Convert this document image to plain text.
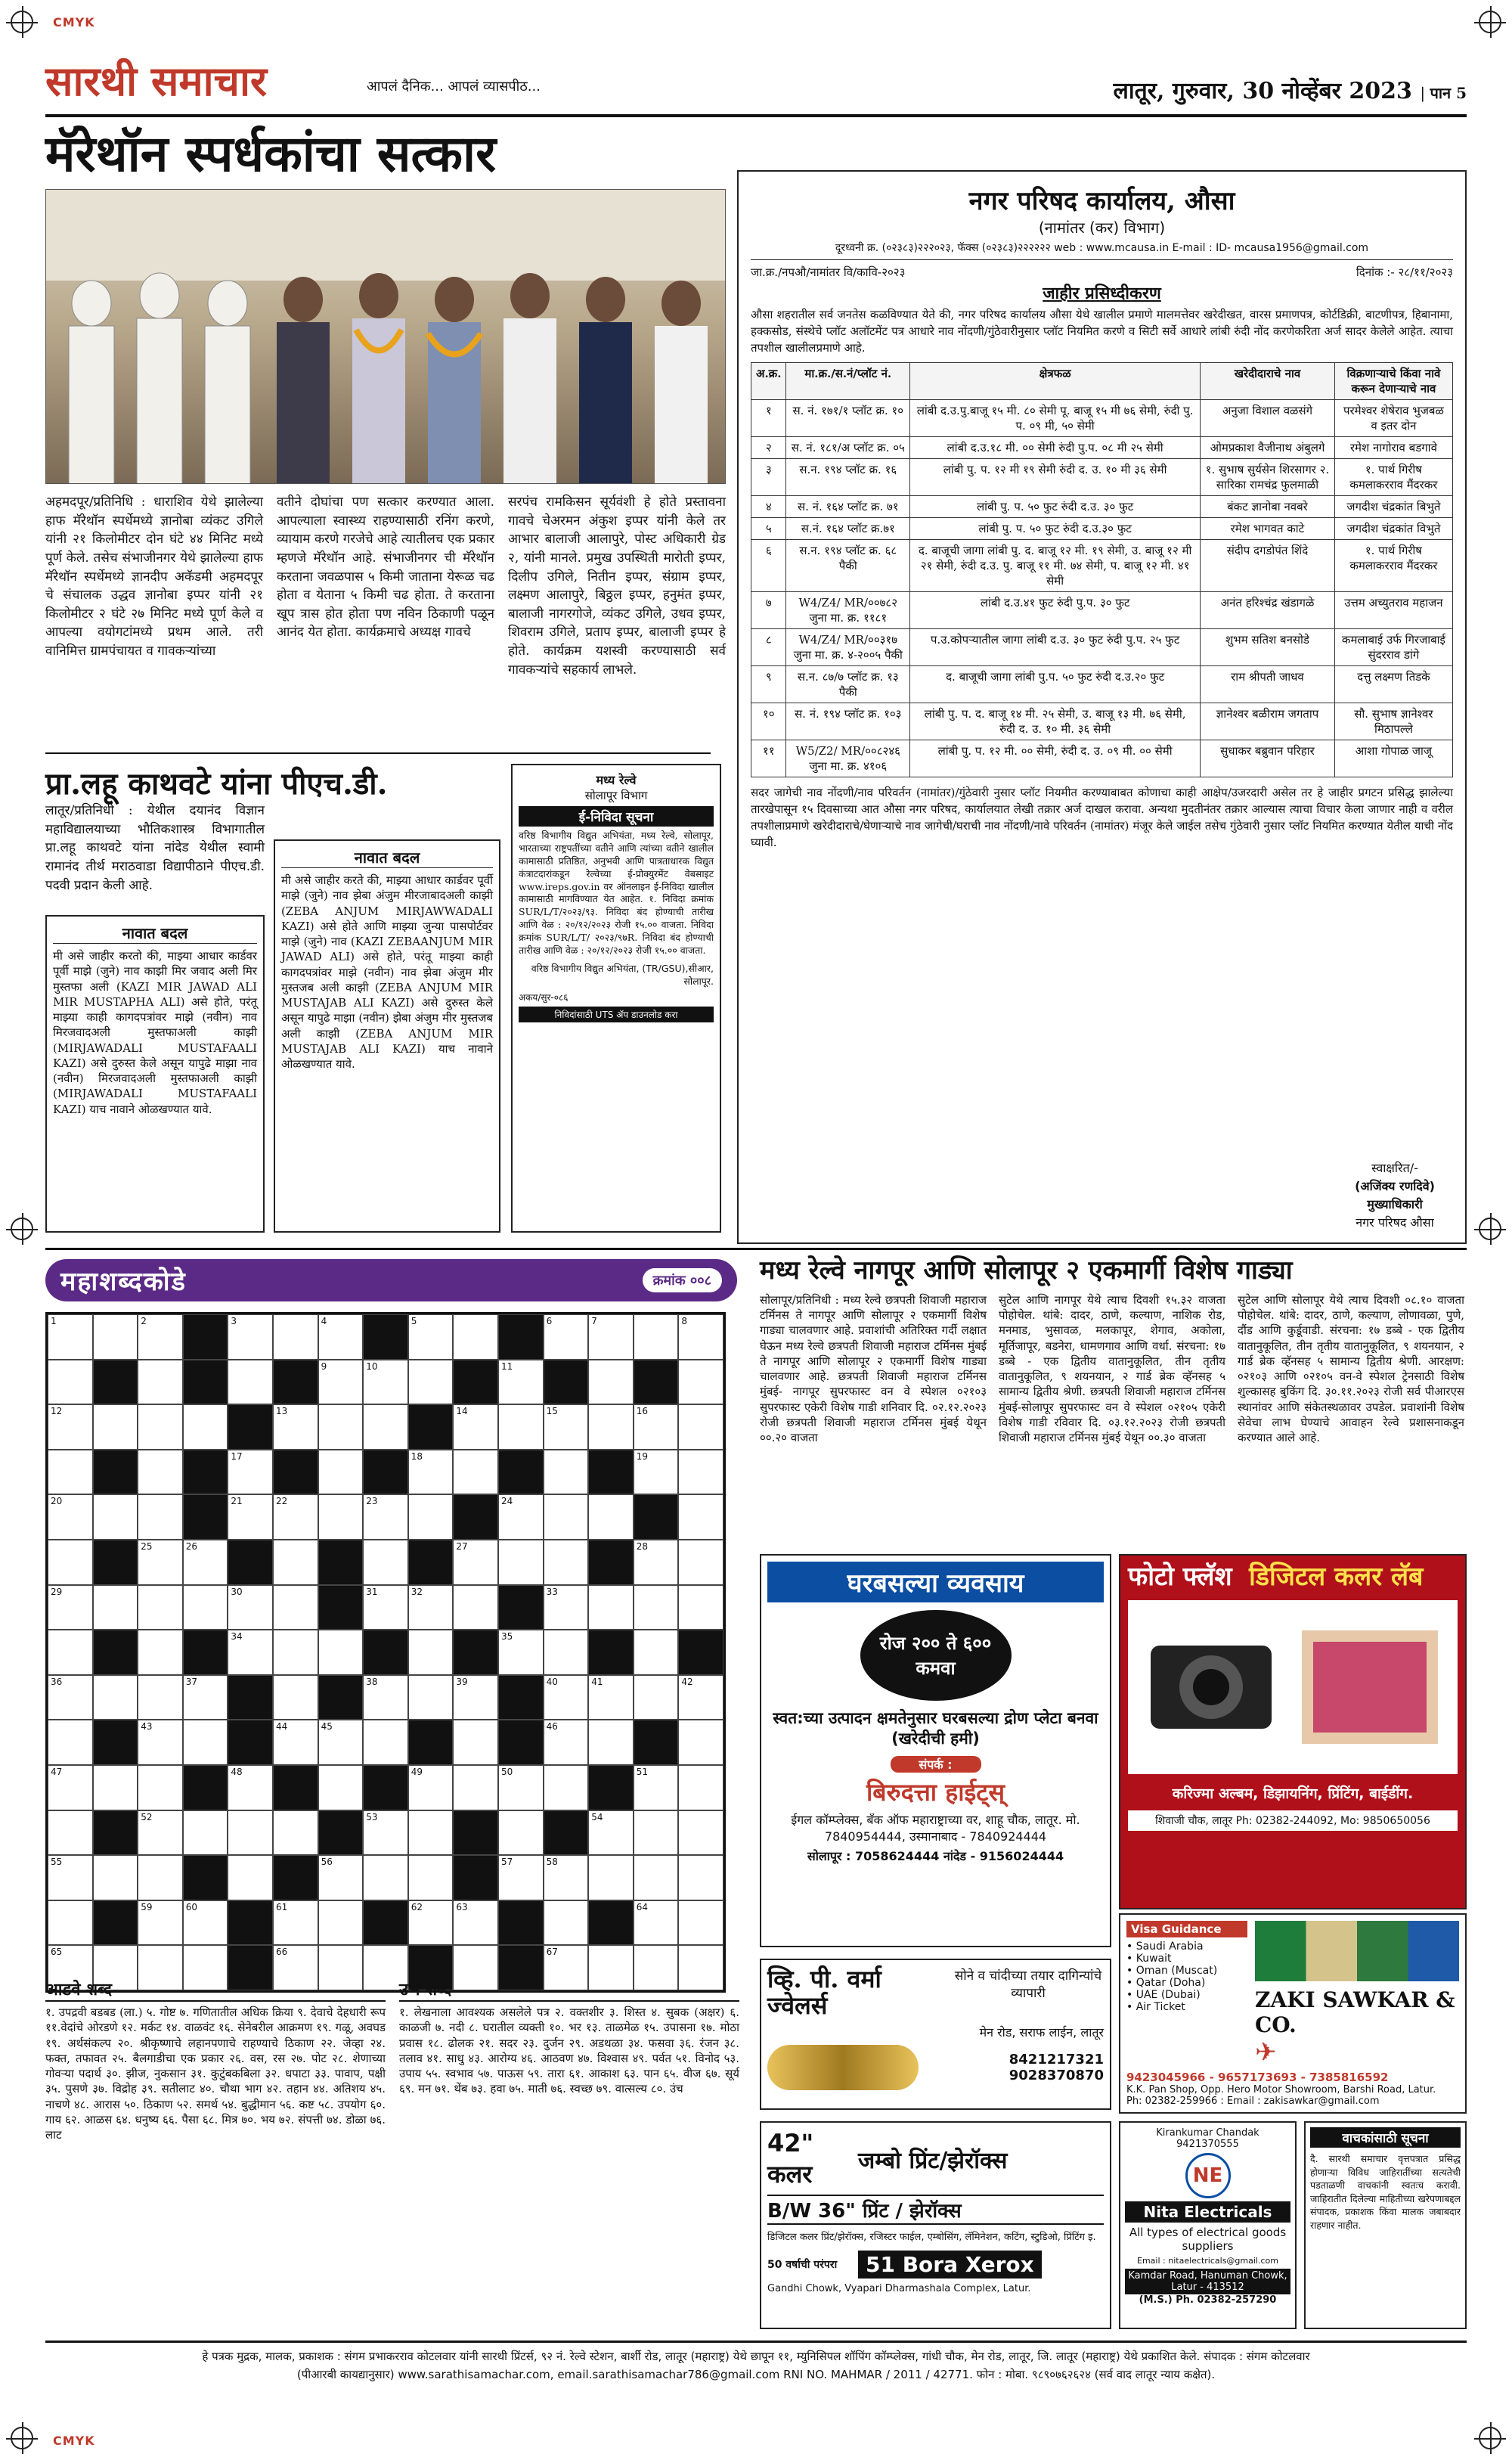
CMYK
CMYK
सारथी समाचार	आपलं दैनिक... आपलं व्यासपीठ...	लातूर, गुरुवार, 30 नोव्हेंबर 2023 | पान 5
मॅरेथॉन स्पर्धकांचा सत्कार
अहमदपूर/प्रतिनिधि : धाराशिव येथे झालेल्या हाफ मॅरेथॉन स्पर्धेमध्ये ज्ञानोबा व्यंकट उगिले यांनी २१ किलोमीटर दोन घंटे ४४ मिनिट मध्ये पूर्ण केले. तसेच संभाजीनगर येथे झालेल्या हाफ मॅरेथॉन स्पर्धेमध्ये ज्ञानदीप अकॅडमी अहमदपूर चे संचालक उद्धव ज्ञानोबा इप्पर यांनी २१ किलोमीटर २ घंटे २७ मिनिट मध्ये पूर्ण केले व आपल्या वयोगटांमध्ये प्रथम आले. तरी वानिमित्त ग्रामपंचायत व गावकऱ्यांच्या
वतीने दोघांचा पण सत्कार करण्यात आला. आपल्याला स्वास्थ्य राहण्यासाठी रनिंग करणे, व्यायाम करणे गरजेचे आहे त्यातीलच एक प्रकार म्हणजे मॅरेथॉन आहे. संभाजीनगर ची मॅरेथॉन करताना जवळपास ५ किमी जाताना येरूळ चढ होता व येताना ५ किमी चढ होता. ते करताना खूप त्रास होत होता पण नविन ठिकाणी पळून आनंद येत होता. कार्यक्रमाचे अध्यक्ष गावचे
सरपंच रामकिसन सूर्यवंशी हे होते प्रस्तावना गावचे चेअरमन अंकुश इप्पर यांनी केले तर आभार बालाजी आलापुरे, पोस्ट अधिकारी ग्रेड २, यांनी मानले. प्रमुख उपस्थिती मारोती इप्पर, दिलीप उगिले, नितीन इप्पर, संग्राम इप्पर, लक्ष्मण आलापुरे, बिठ्ठल इप्पर, हनुमंत इप्पर, बालाजी नागरगोजे, व्यंकट उगिले, उधव इप्पर, शिवराम उगिले, प्रताप इप्पर, बालाजी इप्पर हे होते. कार्यक्रम यशस्वी करण्यासाठी सर्व गावकऱ्यांचे सहकार्य लाभले.
प्रा.लहू काथवटे यांना पीएच.डी.
लातूर/प्रतिनिधी : येथील दयानंद विज्ञान महाविद्यालयाच्या भौतिकशास्त्र विभागातील प्रा.लहू काथवटे यांना नांदेड येथील स्वामी रामानंद तीर्थ मराठवाडा विद्यापीठाने पीएच.डी. पदवी प्रदान केली आहे.
नावात बदल
मी असे जाहीर करतो की, माझ्या आधार कार्डवर पूर्वी माझे (जुने) नाव काझी मिर जवाद अली मिर मुस्तफा अली (KAZI MIR JAWAD ALI MIR MUSTAPHA ALI) असे होते, परंतू माझ्या काही कागदपत्रांवर माझे (नवीन) नाव मिरजवादअली मुस्तफाअली काझी (MIRJAWADALI MUSTAFAALI KAZI) असे दुरुस्त केले असून यापुढे माझा नाव (नवीन) मिरजवादअली मुस्तफाअली काझी (MIRJAWADALI MUSTAFAALI KAZI) याच नावाने ओळखण्यात यावे.
नावात बदल
मी असे जाहीर करते की, माझ्या आधार कार्डवर पूर्वी माझे (जुने) नाव झेबा अंजुम मीरजाबादअली काझी (ZEBA ANJUM MIRJAWWADALI KAZI) असे होते आणि माझ्या जुन्या पासपोर्टवर माझे (जुने) नाव (KAZI ZEBAANJUM MIR JAWAD ALI) असे होते, परंतू माझ्या काही कागदपत्रांवर माझे (नवीन) नाव झेबा अंजुम मीर मुस्तजब अली काझी (ZEBA ANJUM MIR MUSTAJAB ALI KAZI) असे दुरुस्त केले असून यापुढे माझा (नवीन) झेबा अंजुम मीर मुस्तजब अली काझी (ZEBA ANJUM MIR MUSTAJAB ALI KAZI) याच नावाने ओळखण्यात यावे.
मध्य रेल्वे
सोलापूर विभाग
ई-निविदा सूचना
वरिष्ठ विभागीय विद्युत अभियंता, मध्य रेल्वे, सोलापूर, भारताच्या राष्ट्रपतींच्या वतीने आणि त्यांच्या वतीने खालील कामासाठी प्रतिष्ठित, अनुभवी आणि पात्रताधारक विद्युत कंत्राटदारांकडून रेल्वेच्या ई-प्रोक्युरमेंट वेबसाइट www.ireps.gov.in वर ऑनलाइन ई-निविदा खालील कामासाठी मागविण्यात येत आहेत. १. निविदा क्रमांक SUR/L/T/२०२३/९३. निविदा बंद होण्याची तारीख आणि वेळ : २०/१२/२०२३ रोजी १५.०० वाजता. निविदा क्रमांक SUR/L/T/ २०२३/९७R. निविदा बंद होण्याची तारीख आणि वेळ : २०/१२/२०२३ रोजी १५.०० वाजता.
वरिष्ठ विभागीय विद्युत अभियंता, (TR/GSU),सीआर, सोलापूर.
अकय/सुर-०८६
निविदांसाठी UTS ॲप डाउनलोड करा
नगर परिषद कार्यालय, औसा
(नामांतर (कर) विभाग)
दूरध्वनी क्र. (०२३८३)२२२०२३, फॅक्स (०२३८३)२२२२२२ web : www.mcausa.in E-mail : ID- mcausa1956@gmail.com
जा.क्र./नपऔ/नामांतर वि/कावि-२०२३	दिनांक :- २८/११/२०२३
जाहीर प्रसिध्दीकरण
औसा शहरातील सर्व जनतेस कळविण्यात येते की, नगर परिषद कार्यालय औसा येथे खालील प्रमाणे मालमत्तेवर खरेदीखत, वारस प्रमाणपत्र, कोर्टडिक्री, बाटणीपत्र, हिबानामा, हक्कसोड, संस्थेचे प्लॉट अलॉटमेंट पत्र आधारे नाव नोंदणी/गुंठेवारीनुसार प्लॉट नियमित करणे व सिटी सर्वे आधारे लांबी रुंदी नोंद करणेकरिता अर्ज सादर केलेले आहेत. त्याचा तपशील खालीलप्रमाणे आहे.
अ.क्र.	मा.क्र./स.नं/प्लॉट नं.	क्षेत्रफळ	खरेदीदाराचे नाव	विक्रणाऱ्याचे किंवा नावे करून देणाऱ्याचे नाव
१	स. नं. १७१/१ प्लॉट क्र. १०	लांबी द.उ.पु.बाजू १५ मी. ८० सेमी पू. बाजू १५ मी ७६ सेमी, रुंदी पु. प. ०९ मी, ५० सेमी	अनुजा विशाल वळसंगे	परमेश्वर शेषेराव भुजबळ व इतर दोन
२	स. नं. १८१/अ प्लॉट क्र. ०५	लांबी द.उ.१८ मी. ०० सेमी रुंदी पु.प. ०८ मी २५ सेमी	ओमप्रकाश वैजीनाथ अंबुलगे	रमेश नागोराव बडगावे
३	स.न. १९४ प्लॉट क्र. १६	लांबी पु. प. १२ मी १९ सेमी रुंदी द. उ. १० मी ३६ सेमी	१. सुभाष सुर्यसेन शिरसागर २. सारिका रामचंद्र फुलमाळी	१. पार्थ गिरीष कमलाकरराव मैंदरकर
४	स. नं. १६४ प्लॉट क्र. ७१	लांबी पु. प. ५० फुट रुंदी द.उ. ३० फुट	बंकट ज्ञानोबा नवबरे	जगदीश चंद्रकांत बिभुते
५	स.नं. १६४ प्लॉट क्र.७१	लांबी पु. प. ५० फुट रुंदी द.उ.३० फुट	रमेश भागवत काटे	जगदीश चंद्रकांत विभुते
६	स.न. १९४ प्लॉट क्र. ६८ पैकी	द. बाजूची जागा लांबी पु. द. बाजू १२ मी. १९ सेमी, उ. बाजू १२ मी २१ सेमी, रुंदी द.उ. पु. बाजू ११ मी. ७४ सेमी, प. बाजू १२ मी. ४१ सेमी	संदीप दगडोपंत शिंदे	१. पार्थ गिरीष कमलाकरराव मैंदरकर
७	W4/Z4/ MR/००७८२ जुना मा. क्र. ११८१	लांबी द.उ.४१ फुट रुंदी पु.प. ३० फुट	अनंत हरिश्चंद्र खंडागळे	उत्तम अच्युतराव महाजन
८	W4/Z4/ MR/००३१७ जुना मा. क्र. ४-२००५ पैकी	प.उ.कोपऱ्यातील जागा लांबी द.उ. ३० फुट रुंदी पु.प. २५ फुट	शुभम सतिश बनसोडे	कमलाबाई उर्फ गिरजाबाई सुंदरराव डांगे
९	स.न. ८७/७ प्लॉट क्र. १३ पैकी	द. बाजूची जागा लांबी पु.प. ५० फुट रुंदी द.उ.२० फुट	राम श्रीपती जाधव	दत्तु लक्ष्मण तिडके
१०	स. नं. १९४ प्लॉट क्र. १०३	लांबी पु. प. द. बाजू १४ मी. २५ सेमी, उ. बाजू १३ मी. ७६ सेमी, रुंदी द. उ. १० मी. ३६ सेमी	ज्ञानेश्वर बळीराम जगताप	सौ. सुभाष ज्ञानेश्वर मिठापल्ले
११	W5/Z2/ MR/००८२४६ जुना मा. क्र. ४१०६	लांबी पु. प. १२ मी. ०० सेमी, रुंदी द. उ. ०९ मी. ०० सेमी	सुधाकर बब्रुवान परिहार	आशा गोपाळ जाजू
सदर जागेची नाव नोंदणी/नाव परिवर्तन (नामांतर)/गुंठेवारी नुसार प्लॉट नियमीत करण्याबाबत कोणाचा काही आक्षेप/उजरदारी असेल तर हे जाहीर प्रगटन प्रसिद्ध झालेल्या तारखेपासून १५ दिवसाच्या आत औसा नगर परिषद, कार्यालयात लेखी तक्रार अर्ज दाखल करावा. अन्यथा मुदतीनंतर तक्रार आल्यास त्याचा विचार केला जाणार नाही व वरील तपशीलाप्रमाणे खरेदीदाराचे/घेणाऱ्याचे नाव जागेची/घराची नाव नोंदणी/नावे परिवर्तन (नामांतर) मंजूर केले जाईल तसेच गुंठेवारी नुसार प्लॉट नियमित करण्यात येतील याची नोंद घ्यावी.
स्वाक्षरित/-
(अजिंक्य रणदिवे)
मुख्याधिकारी
नगर परिषद औसा
महाशब्दकोडे	क्रमांक ००८
1	2	3	4	5	6	7	8
9	10	11
12	13	14	15	16
17	18	19
20	21	22	23	24
25	26	27	28
29	30	31	32	33
34	35
36	37	38	39	40	41	42
43	44	45	46
47	48	49	50	51
52	53	54
55	56	57	58
59	60	61	62	63	64
65	66	67
आडवे शब्द
१. उपद्रवी बडबड (ला.) ५. गोष्ट ७. गणितातील अधिक क्रिया ९. देवाचे देहधारी रूप ११.वेदांचे ओरडणे १२. मर्कट १४. वाळवंट १६. सेनेबरील आक्रमण १९. गळू, अवघड १९. अर्थसंकल्प २०. श्रीकृष्णाचे लहानपणाचे राहण्याचे ठिकाण २२. जेव्हा २४. फक्त, तफावत २५. बैलगाडीचा एक प्रकार २६. वस, रस २७. पोट २८. शेणाच्या गोवऱ्या पदार्थ ३०. झीज, नुकसान ३१. कुटुंबकबिला ३२. धपाटा ३३. पावाप, पक्षी ३५. पुसणे ३७. विद्रोह ३९. सतीलाट ४०. चौथा भाग ४२. तहान ४४. अतिशय ४५. नाचणे ४८. आरास ५०. ठिकाण ५२. समर्थ ५४. बुद्धीमान ५६. कष्ट ५८. उपयोग ६०. गाय ६२. आळस ६४. धनुष्य ६६. पैसा ६८. मित्र ७०. भय ७२. संपत्ती ७४. डोळा ७६. लाट
उभे शब्द
१. लेखनाला आवश्यक असलेले पत्र २. वक्तशीर ३. शिस्त ४. सुबक (अक्षर) ६. काळजी ७. नदी ८. घरातील व्यक्ती १०. भर १३. ताळमेळ १५. उपासना १७. मोठा प्रवास १८. ढोलक २१. सदर २३. दुर्जन २९. अडथळा ३४. फसवा ३६. रंजन ३८. तलाव ४१. साधु ४३. आरोग्य ४६. आठवण ४७. विश्वास ४९. पर्वत ५१. विनोद ५३. उपाय ५५. स्वभाव ५७. पाऊस ५९. तारा ६१. आकाश ६३. पान ६५. वीज ६७. सूर्य ६९. मन ७१. थेंब ७३. हवा ७५. माती ७६. स्वच्छ ७९. वात्सल्य ८०. उंच
मध्य रेल्वे नागपूर आणि सोलापूर २ एकमार्गी विशेष गाड्या
सोलापूर/प्रतिनिधी : मध्य रेल्वे छत्रपती शिवाजी महाराज टर्मिनस ते नागपूर आणि सोलापूर २ एकमार्गी विशेष गाड्या चालवणार आहे. प्रवाशांची अतिरिक्त गर्दी लक्षात घेऊन मध्य रेल्वे छत्रपती शिवाजी महाराज टर्मिनस मुंबई ते नागपूर आणि सोलापूर २ एकमार्गी विशेष गाड्या चालवणार आहे. छत्रपती शिवाजी महाराज टर्मिनस मुंबई- नागपूर सुपरफास्ट वन वे स्पेशल ०२१०३ सुपरफास्ट एकेरी विशेष गाडी शनिवार दि. ०२.१२.२०२३ रोजी छत्रपती शिवाजी महाराज टर्मिनस मुंबई येथून ००.२० वाजता
सुटेल आणि नागपूर येथे त्याच दिवशी १५.३२ वाजता पोहोचेल. थांबे: दादर, ठाणे, कल्याण, नाशिक रोड, मनमाड, भुसावळ, मलकापूर, शेगाव, अकोला, मूर्तिजापूर, बडनेरा, धामणगाव आणि वर्धा. संरचना: १७ डब्बे - एक द्वितीय वातानुकूलित, तीन तृतीय वातानुकूलित, ९ शयनयान, २ गार्ड ब्रेक व्हॅनसह ५ सामान्य द्वितीय श्रेणी. छत्रपती शिवाजी महाराज टर्मिनस मुंबई-सोलापूर सुपरफास्ट वन वे स्पेशल ०२१०५ एकेरी विशेष गाडी रविवार दि. ०३.१२.२०२३ रोजी छत्रपती शिवाजी महाराज टर्मिनस मुंबई येथून ००.३० वाजता
सुटेल आणि सोलापूर येथे त्याच दिवशी ०८.१० वाजता पोहोचेल. थांबे: दादर, ठाणे, कल्याण, लोणावळा, पुणे, दौंड आणि कुर्डूवाडी. संरचना: १७ डब्बे - एक द्वितीय वातानुकूलित, तीन तृतीय वातानुकूलित, ९ शयनयान, २ गार्ड ब्रेक व्हॅनसह ५ सामान्य द्वितीय श्रेणी. आरक्षण: ०२१०३ आणि ०२१०५ वन-वे स्पेशल ट्रेनसाठी विशेष शुल्कासह बुकिंग दि. ३०.११.२०२३ रोजी सर्व पीआरएस स्थानांवर आणि संकेतस्थळावर उपडेल. प्रवाशांनी विशेष सेवेचा लाभ घेण्याचे आवाहन रेल्वे प्रशासनाकडून करण्यात आले आहे.
घरबसल्या व्यवसाय
रोज २०० ते ६०० कमवा
स्वत:च्या उत्पादन क्षमतेनुसार घरबसल्या द्रोण प्लेटा बनवा (खरेदीची हमी)
संपर्क :
बिरुदत्ता हाईट्स्
ईगल कॉम्प्लेक्स, बँक ऑफ महाराष्ट्राच्या वर, शाहू चौक, लातूर. मो. 7840954444, उस्मानाबाद - 7840924444
सोलापूर : 7058624444 नांदेड - 9156024444
फोटो फ्लॅश डिजिटल कलर लॅब
करिज्मा अल्बम, डिझायनिंग, प्रिंटिंग, बाईडींग.
शिवाजी चौक, लातूर Ph: 02382-244092, Mo: 9850650056
व्हि. पी. वर्मा ज्वेलर्स
सोने व चांदीच्या तयार दागिन्यांचे व्यापारी
मेन रोड, सराफ लाईन, लातूर
8421217321
9028370870
Visa Guidance
• Saudi Arabia
• Kuwait
• Oman (Muscat)
• Qatar (Doha)
• UAE (Dubai)
• Air Ticket	ZAKI SAWKAR & CO.
✈
9423045966 - 9657173693 - 7385816592
K.K. Pan Shop, Opp. Hero Motor Showroom, Barshi Road, Latur.
Ph: 02382-259966 : Email : zakisawkar@gmail.com
42" कलर	जम्बो प्रिंट/झेरॉक्स
B/W 36" प्रिंट / झेरॉक्स
डिजिटल कलर प्रिंट/झेरॉक्स, रजिस्टर फाईल, एम्बोसिंग, लॅमिनेशन, कटिंग, स्टुडिओ, प्रिंटिंग इ.
50 वर्षाची परंपरा	51 Bora Xerox
Gandhi Chowk, Vyapari Dharmashala Complex, Latur.
Kirankumar Chandak
9421370555
NE
Nita Electricals
All types of electrical goods suppliers
Email : nitaelectricals@gmail.com
Kamdar Road, Hanuman Chowk, Latur - 413512
(M.S.) Ph. 02382-257290
वाचकांसाठी सूचना
दै. सारथी समाचार वृत्तपत्रात प्रसिद्ध होणाऱ्या विविध जाहिरातींच्या सत्यतेची पडताळणी वाचकांनी स्वतःच करावी. जाहिरातीत दिलेल्या माहितीच्या खरेपणाबद्दल संपादक, प्रकाशक किंवा मालक जबाबदार राहणार नाहीत.
हे पत्रक मुद्रक, मालक, प्रकाशक : संगम प्रभाकरराव कोटलवार यांनी सारथी प्रिंटर्स, ९२ नं. रेल्वे स्टेशन, बार्शी रोड, लातूर (महाराष्ट्र) येथे छापून ११, म्युनिसिपल शॉपिंग कॉम्प्लेक्स, गांधी चौक, मेन रोड, लातूर, जि. लातूर (महाराष्ट्र) येथे प्रकाशित केले. संपादक : संगम कोटलवार
(पीआरबी कायद्यानुसार) www.sarathisamachar.com, email.sarathisamachar786@gmail.com RNI NO. MAHMAR / 2011 / 42771. फोन : मोबा. ९८९०७६२६२४ (सर्व वाद लातूर न्याय कक्षेत).
